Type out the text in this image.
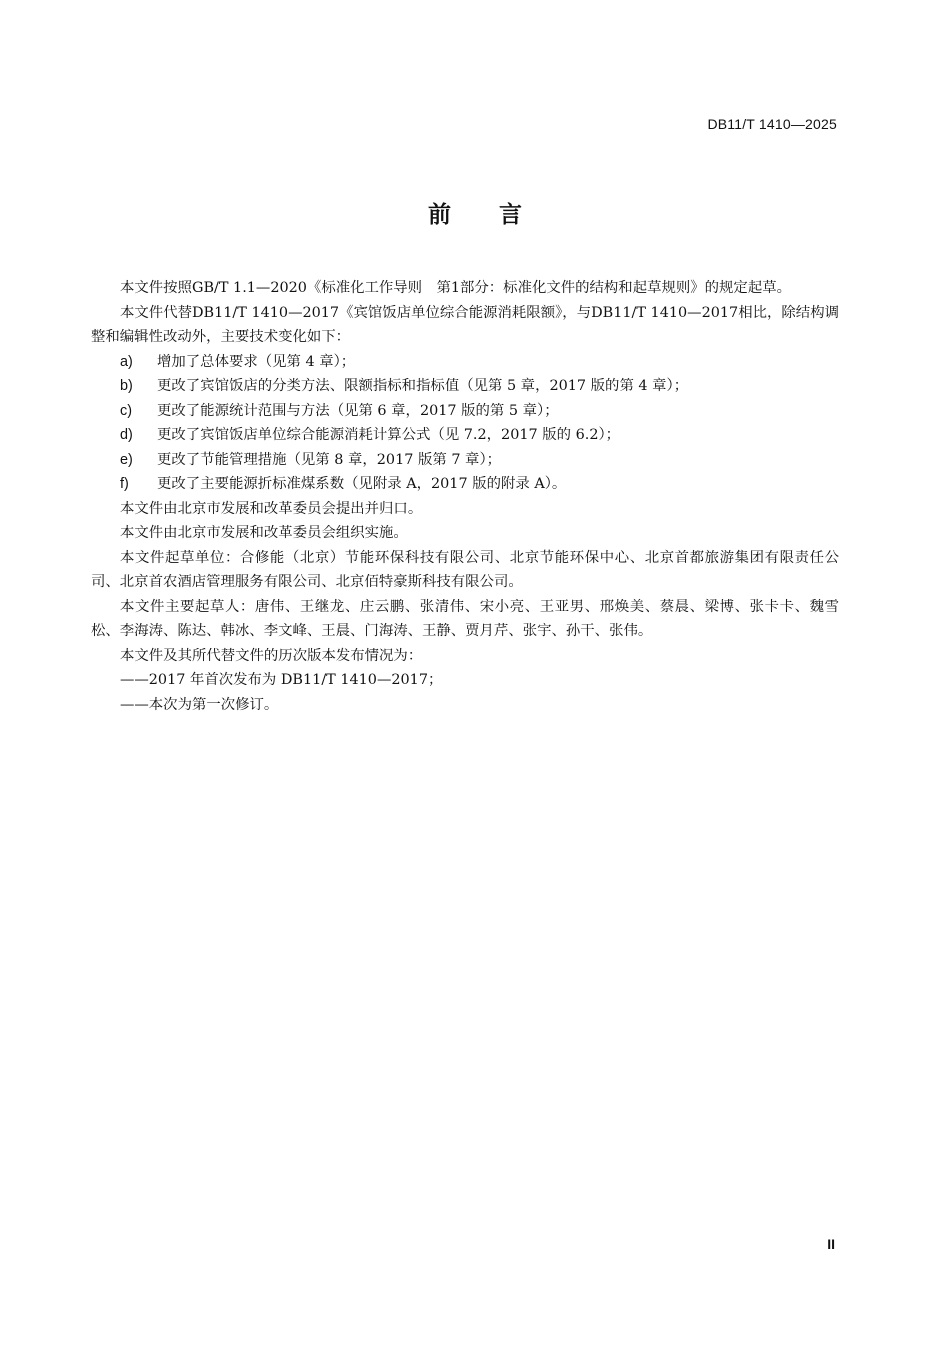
DB11/T 1410—2025
前 言

本文件按照GB/T 1.1—2020《标准化工作导则　第1部分：标准化文件的结构和起草规则》的规定起草。

本文件代替DB11/T 1410—2017《宾馆饭店单位综合能源消耗限额》，与DB11/T 1410—2017相比，除结构调整和编辑性改动外，主要技术变化如下：

a) 增加了总体要求（见第 4 章）；

b) 更改了宾馆饭店的分类方法、限额指标和指标值（见第 5 章，2017 版的第 4 章）；

c) 更改了能源统计范围与方法（见第 6 章，2017 版的第 5 章）；

d) 更改了宾馆饭店单位综合能源消耗计算公式（见 7.2，2017 版的 6.2）；

e) 更改了节能管理措施（见第 8 章，2017 版第 7 章）；

f) 更改了主要能源折标准煤系数（见附录 A，2017 版的附录 A）。

本文件由北京市发展和改革委员会提出并归口。

本文件由北京市发展和改革委员会组织实施。

本文件起草单位：合修能（北京）节能环保科技有限公司、北京节能环保中心、北京首都旅游集团有限责任公司、北京首农酒店管理服务有限公司、北京佰特豪斯科技有限公司。

本文件主要起草人：唐伟、王继龙、庄云鹏、张清伟、宋小亮、王亚男、邢焕美、蔡晨、梁博、张卡卡、魏雪松、李海涛、陈达、韩冰、李文峰、王晨、门海涛、王静、贾月芹、张宇、孙干、张伟。

本文件及其所代替文件的历次版本发布情况为：

——2017 年首次发布为 DB11/T 1410—2017；

——本次为第一次修订。

II
